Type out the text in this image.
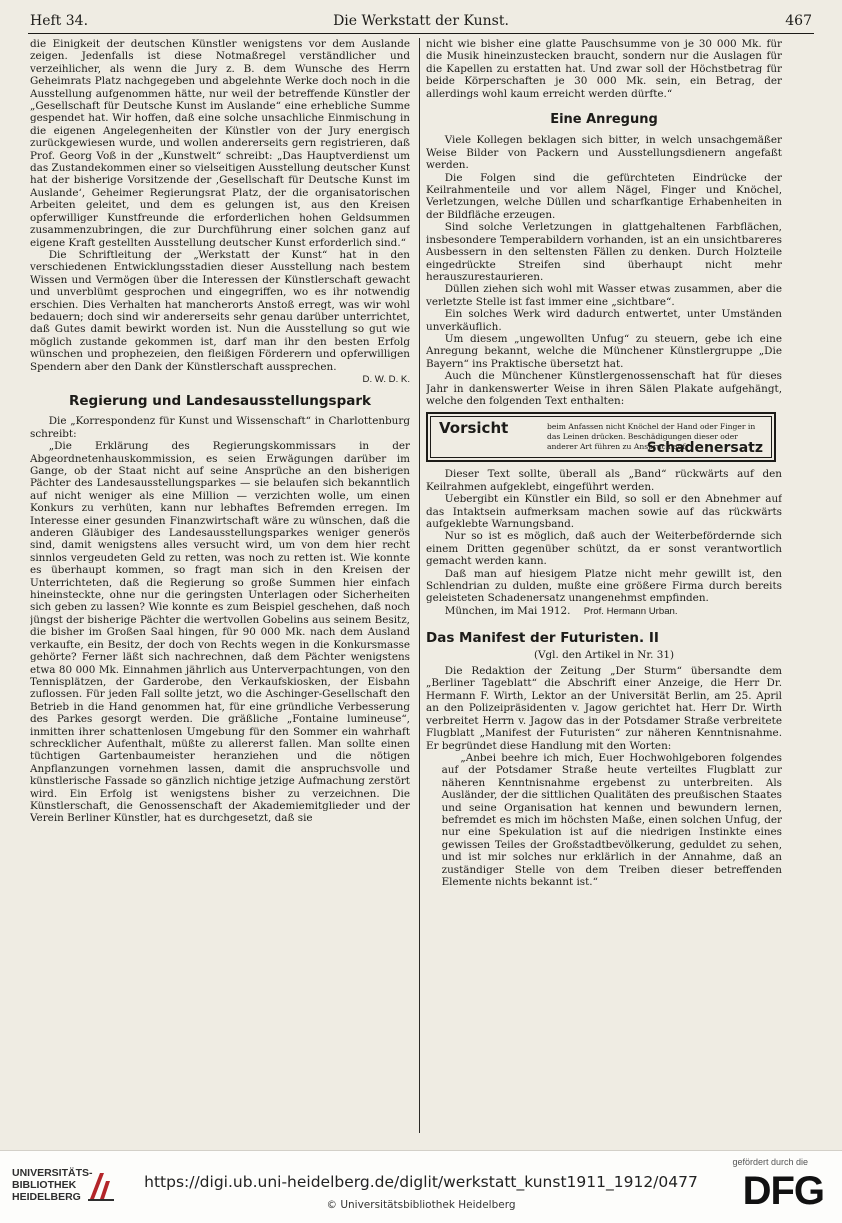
Heft 34.	Die Werkstatt der Kunst.	467

die Einigkeit der deutschen Künstler wenigstens vor dem Auslande zeigen. Jedenfalls ist diese Notmaßregel verständlicher und verzeihlicher, als wenn die Jury z. B. dem Wunsche des Herrn Geheimrats Platz nachgegeben und abgelehnte Werke doch noch in die Ausstellung aufgenommen hätte, nur weil der betreffende Künstler der „Gesellschaft für Deutsche Kunst im Auslande“ eine erhebliche Summe gespendet hat. Wir hoffen, daß eine solche unsachliche Einmischung in die eigenen Angelegenheiten der Künstler von der Jury energisch zurückgewiesen wurde, und wollen andererseits gern registrieren, daß Prof. Georg Voß in der „Kunstwelt“ schreibt: „Das Hauptverdienst um das Zustandekommen einer so vielseitigen Ausstellung deutscher Kunst hat der bisherige Vorsitzende der ‚Gesellschaft für Deutsche Kunst im Auslande‘, Geheimer Regierungsrat Platz, der die organisatorischen Arbeiten geleitet, und dem es gelungen ist, aus den Kreisen opferwilliger Kunstfreunde die erforderlichen hohen Geldsummen zusammenzubringen, die zur Durchführung einer solchen ganz auf eigene Kraft gestellten Ausstellung deutscher Kunst erforderlich sind.“

Die Schriftleitung der „Werkstatt der Kunst“ hat in den verschiedenen Entwicklungsstadien dieser Ausstellung nach bestem Wissen und Vermögen über die Interessen der Künstlerschaft gewacht und unverblümt gesprochen und eingegriffen, wo es ihr notwendig erschien. Dies Verhalten hat mancherorts Anstoß erregt, was wir wohl bedauern; doch sind wir andererseits sehr genau darüber unterrichtet, daß Gutes damit bewirkt worden ist. Nun die Ausstellung so gut wie möglich zustande gekommen ist, darf man ihr den besten Erfolg wünschen und prophezeien, den fleißigen Förderern und opferwilligen Spendern aber den Dank der Künstlerschaft aussprechen.

D. W. D. K.
Regierung und Landesausstellungspark

Die „Korrespondenz für Kunst und Wissenschaft“ in Charlottenburg schreibt:

„Die Erklärung des Regierungskommissars in der Abgeordnetenhauskommission, es seien Erwägungen darüber im Gange, ob der Staat nicht auf seine Ansprüche an den bisherigen Pächter des Landesausstellungsparkes — sie belaufen sich bekanntlich auf nicht weniger als eine Million — verzichten wolle, um einen Konkurs zu verhüten, kann nur lebhaftes Befremden erregen. Im Interesse einer gesunden Finanzwirtschaft wäre zu wünschen, daß die anderen Gläubiger des Landesausstellungsparkes weniger generös sind, damit wenigstens alles versucht wird, um von dem hier recht sinnlos vergeudeten Geld zu retten, was noch zu retten ist. Wie konnte es überhaupt kommen, so fragt man sich in den Kreisen der Unterrichteten, daß die Regierung so große Summen hier einfach hineinsteckte, ohne nur die geringsten Unterlagen oder Sicherheiten sich geben zu lassen? Wie konnte es zum Beispiel geschehen, daß noch jüngst der bisherige Pächter die wertvollen Gobelins aus seinem Besitz, die bisher im Großen Saal hingen, für 90 000 Mk. nach dem Ausland verkaufte, ein Besitz, der doch von Rechts wegen in die Konkursmasse gehörte? Ferner läßt sich nachrechnen, daß dem Pächter wenigstens etwa 80 000 Mk. Einnahmen jährlich aus Unterverpachtungen, von den Tennisplätzen, der Garderobe, den Verkaufskiosken, der Eisbahn zuflossen. Für jeden Fall sollte jetzt, wo die Aschinger-Gesellschaft den Betrieb in die Hand genommen hat, für eine gründliche Verbesserung des Parkes gesorgt werden. Die gräßliche „Fontaine lumineuse“, inmitten ihrer schattenlosen Umgebung für den Sommer ein wahrhaft schrecklicher Aufenthalt, müßte zu allererst fallen. Man sollte einen tüchtigen Gartenbaumeister heranziehen und die nötigen Anpflanzungen vornehmen lassen, damit die anspruchsvolle und künstlerische Fassade so gänzlich nichtige jetzige Aufmachung zerstört wird. Ein Erfolg ist wenigstens bisher zu verzeichnen. Die Künstlerschaft, die Genossenschaft der Akademiemitglieder und der Verein Berliner Künstler, hat es durchgesetzt, daß sie

nicht wie bisher eine glatte Pauschsumme von je 30 000 Mk. für die Musik hineinzustecken braucht, sondern nur die Auslagen für die Kapellen zu erstatten hat. Und zwar soll der Höchstbetrag für beide Körperschaften je 30 000 Mk. sein, ein Betrag, der allerdings wohl kaum erreicht werden dürfte.“

Eine Anregung

Viele Kollegen beklagen sich bitter, in welch unsachgemäßer Weise Bilder von Packern und Ausstellungsdienern angefaßt werden.

Die Folgen sind die gefürchteten Eindrücke der Keilrahmenteile und vor allem Nägel, Finger und Knöchel, Verletzungen, welche Düllen und scharfkantige Erhabenheiten in der Bildfläche erzeugen.

Sind solche Verletzungen in glattgehaltenen Farbflächen, insbesondere Temperabildern vorhanden, ist an ein unsichtbareres Ausbessern in den seltensten Fällen zu denken. Durch Holzteile eingedrückte Streifen sind überhaupt nicht mehr herauszurestaurieren.

Düllen ziehen sich wohl mit Wasser etwas zusammen, aber die verletzte Stelle ist fast immer eine „sichtbare“.

Ein solches Werk wird dadurch entwertet, unter Umständen unverkäuflich.

Um diesem „ungewollten Unfug“ zu steuern, gebe ich eine Anregung bekannt, welche die Münchener Künstlergruppe „Die Bayern“ ins Praktische übersetzt hat.

Auch die Münchener Künstlergenossenschaft hat für dieses Jahr in dankenswerter Weise in ihren Sälen Plakate aufgehängt, welche den folgenden Text enthalten:

Vorsicht	beim Anfassen nicht Knöchel der Hand oder Finger in das Leinen drücken. Beschädigungen dieser oder anderer Art führen zu Anspruch auf
Schadenersatz

Dieser Text sollte, überall als „Band“ rückwärts auf den Keilrahmen aufgeklebt, eingeführt werden.

Uebergibt ein Künstler ein Bild, so soll er den Abnehmer auf das Intaktsein aufmerksam machen sowie auf das rückwärts aufgeklebte Warnungsband.

Nur so ist es möglich, daß auch der Weiterbefördernde sich einem Dritten gegenüber schützt, da er sonst verantwortlich gemacht werden kann.

Daß man auf hiesigem Platze nicht mehr gewillt ist, den Schlendrian zu dulden, mußte eine größere Firma durch bereits geleisteten Schadenersatz unangenehmst empfinden.

München, im Mai 1912. Prof. Hermann Urban.

Das Manifest der Futuristen. II
(Vgl. den Artikel in Nr. 31)

Die Redaktion der Zeitung „Der Sturm“ übersandte dem „Berliner Tageblatt“ die Abschrift einer Anzeige, die Herr Dr. Hermann F. Wirth, Lektor an der Universität Berlin, am 25. April an den Polizeipräsidenten v. Jagow gerichtet hat. Herr Dr. Wirth verbreitet Herrn v. Jagow das in der Potsdamer Straße verbreitete Flugblatt „Manifest der Futuristen“ zur näheren Kenntnisnahme. Er begründet diese Handlung mit den Worten:

„Anbei beehre ich mich, Euer Hochwohlgeboren folgendes auf der Potsdamer Straße heute verteiltes Flugblatt zur näheren Kenntnisnahme ergebenst zu unterbreiten. Als Ausländer, der die sittlichen Qualitäten des preußischen Staates und seine Organisation hat kennen und bewundern lernen, befremdet es mich im höchsten Maße, einen solchen Unfug, der nur eine Spekulation ist auf die niedrigen Instinkte eines gewissen Teiles der Großstadtbevölkerung, geduldet zu sehen, und ist mir solches nur erklärlich in der Annahme, daß an zuständiger Stelle von dem Treiben dieser betreffenden Elemente nichts bekannt ist.“

UNIVERSITÄTS-
BIBLIOTHEK
HEIDELBERG
https://digi.ub.uni-heidelberg.de/diglit/werkstatt_kunst1911_1912/0477
© Universitätsbibliothek Heidelberg
gefördert durch die
DFG
